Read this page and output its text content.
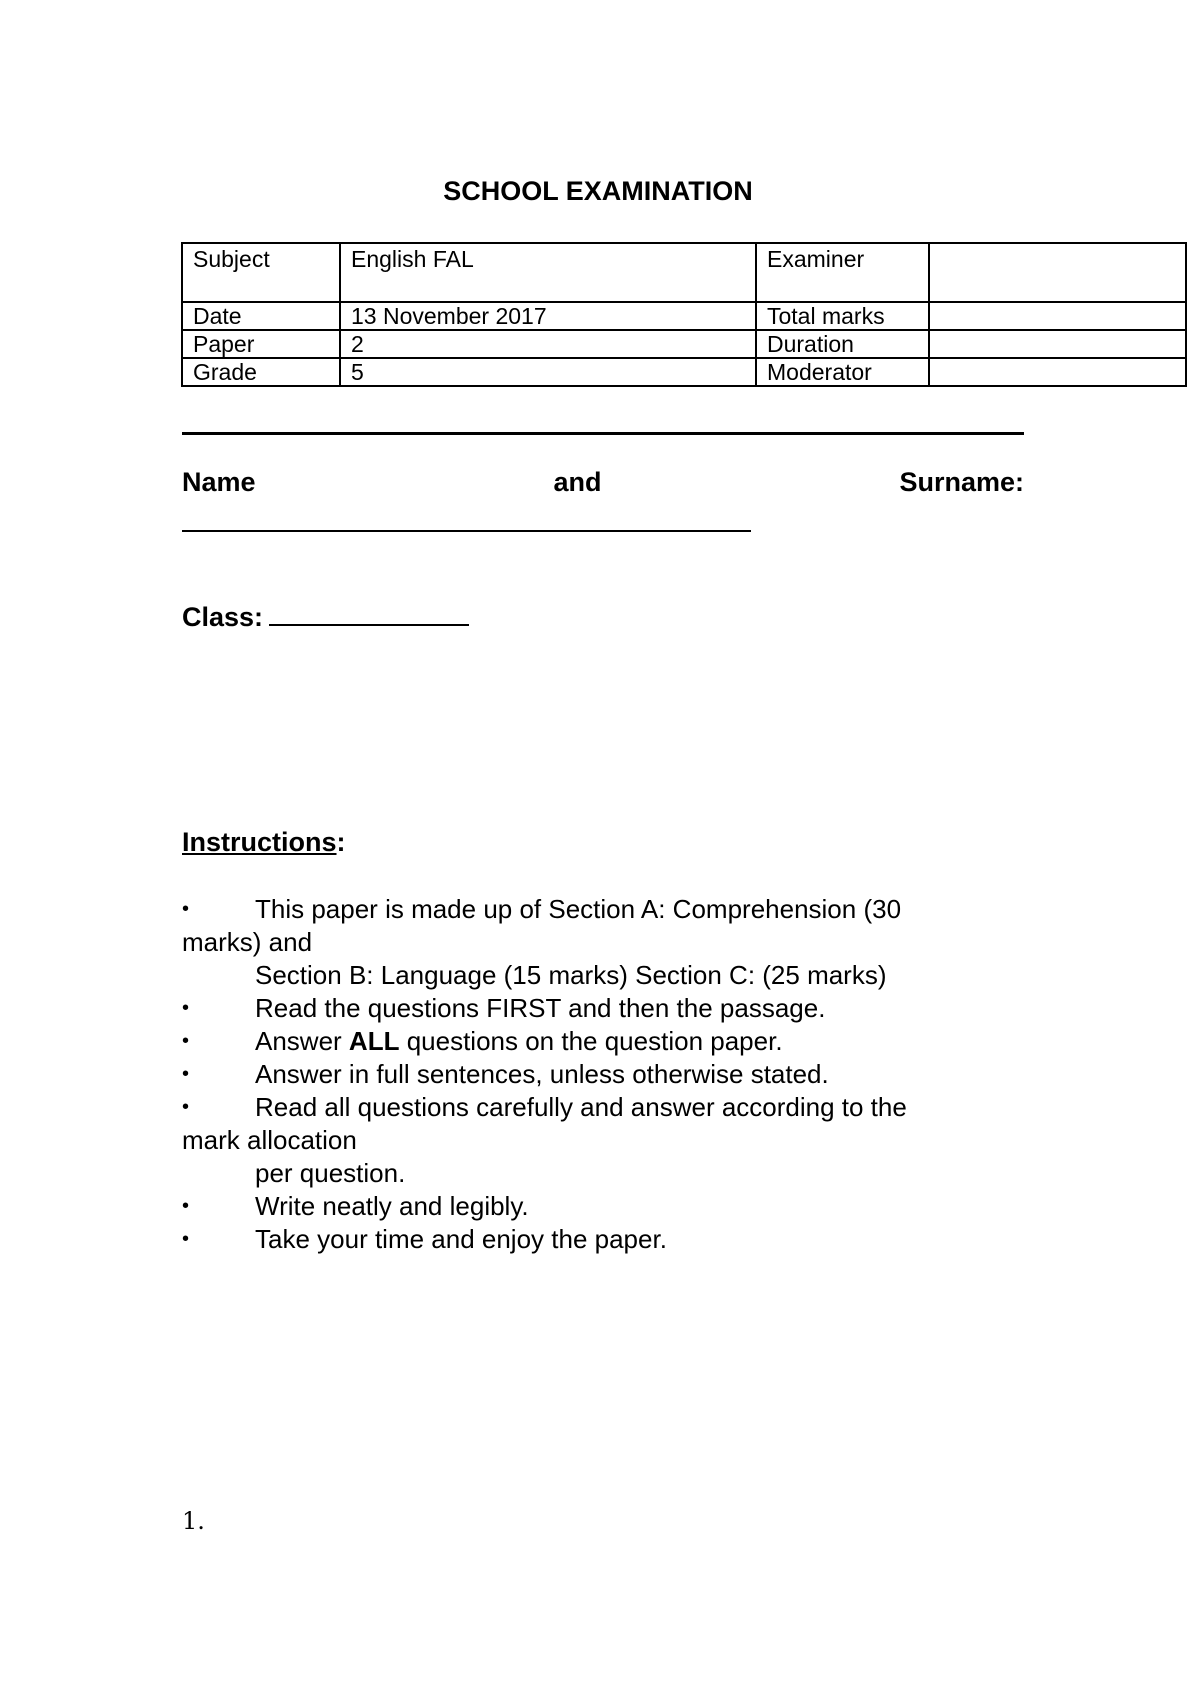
SCHOOL EXAMINATION
Subject	English FAL	Examiner	
Date	13 November 2017	Total marks	
Paper	2	Duration	
Grade	5	Moderator	
Name	and	Surname:
Class:
Instructions:
•	This paper is made up of Section A: Comprehension (30
marks) and
Section B: Language (15 marks) Section C: (25 marks)
•	Read the questions FIRST and then the passage.
•	Answer ALL questions on the question paper.
•	Answer in full sentences, unless otherwise stated.
•	Read all questions carefully and answer according to the
mark allocation
per question.
•	Write neatly and legibly.
•	Take your time and enjoy the paper.
1.
